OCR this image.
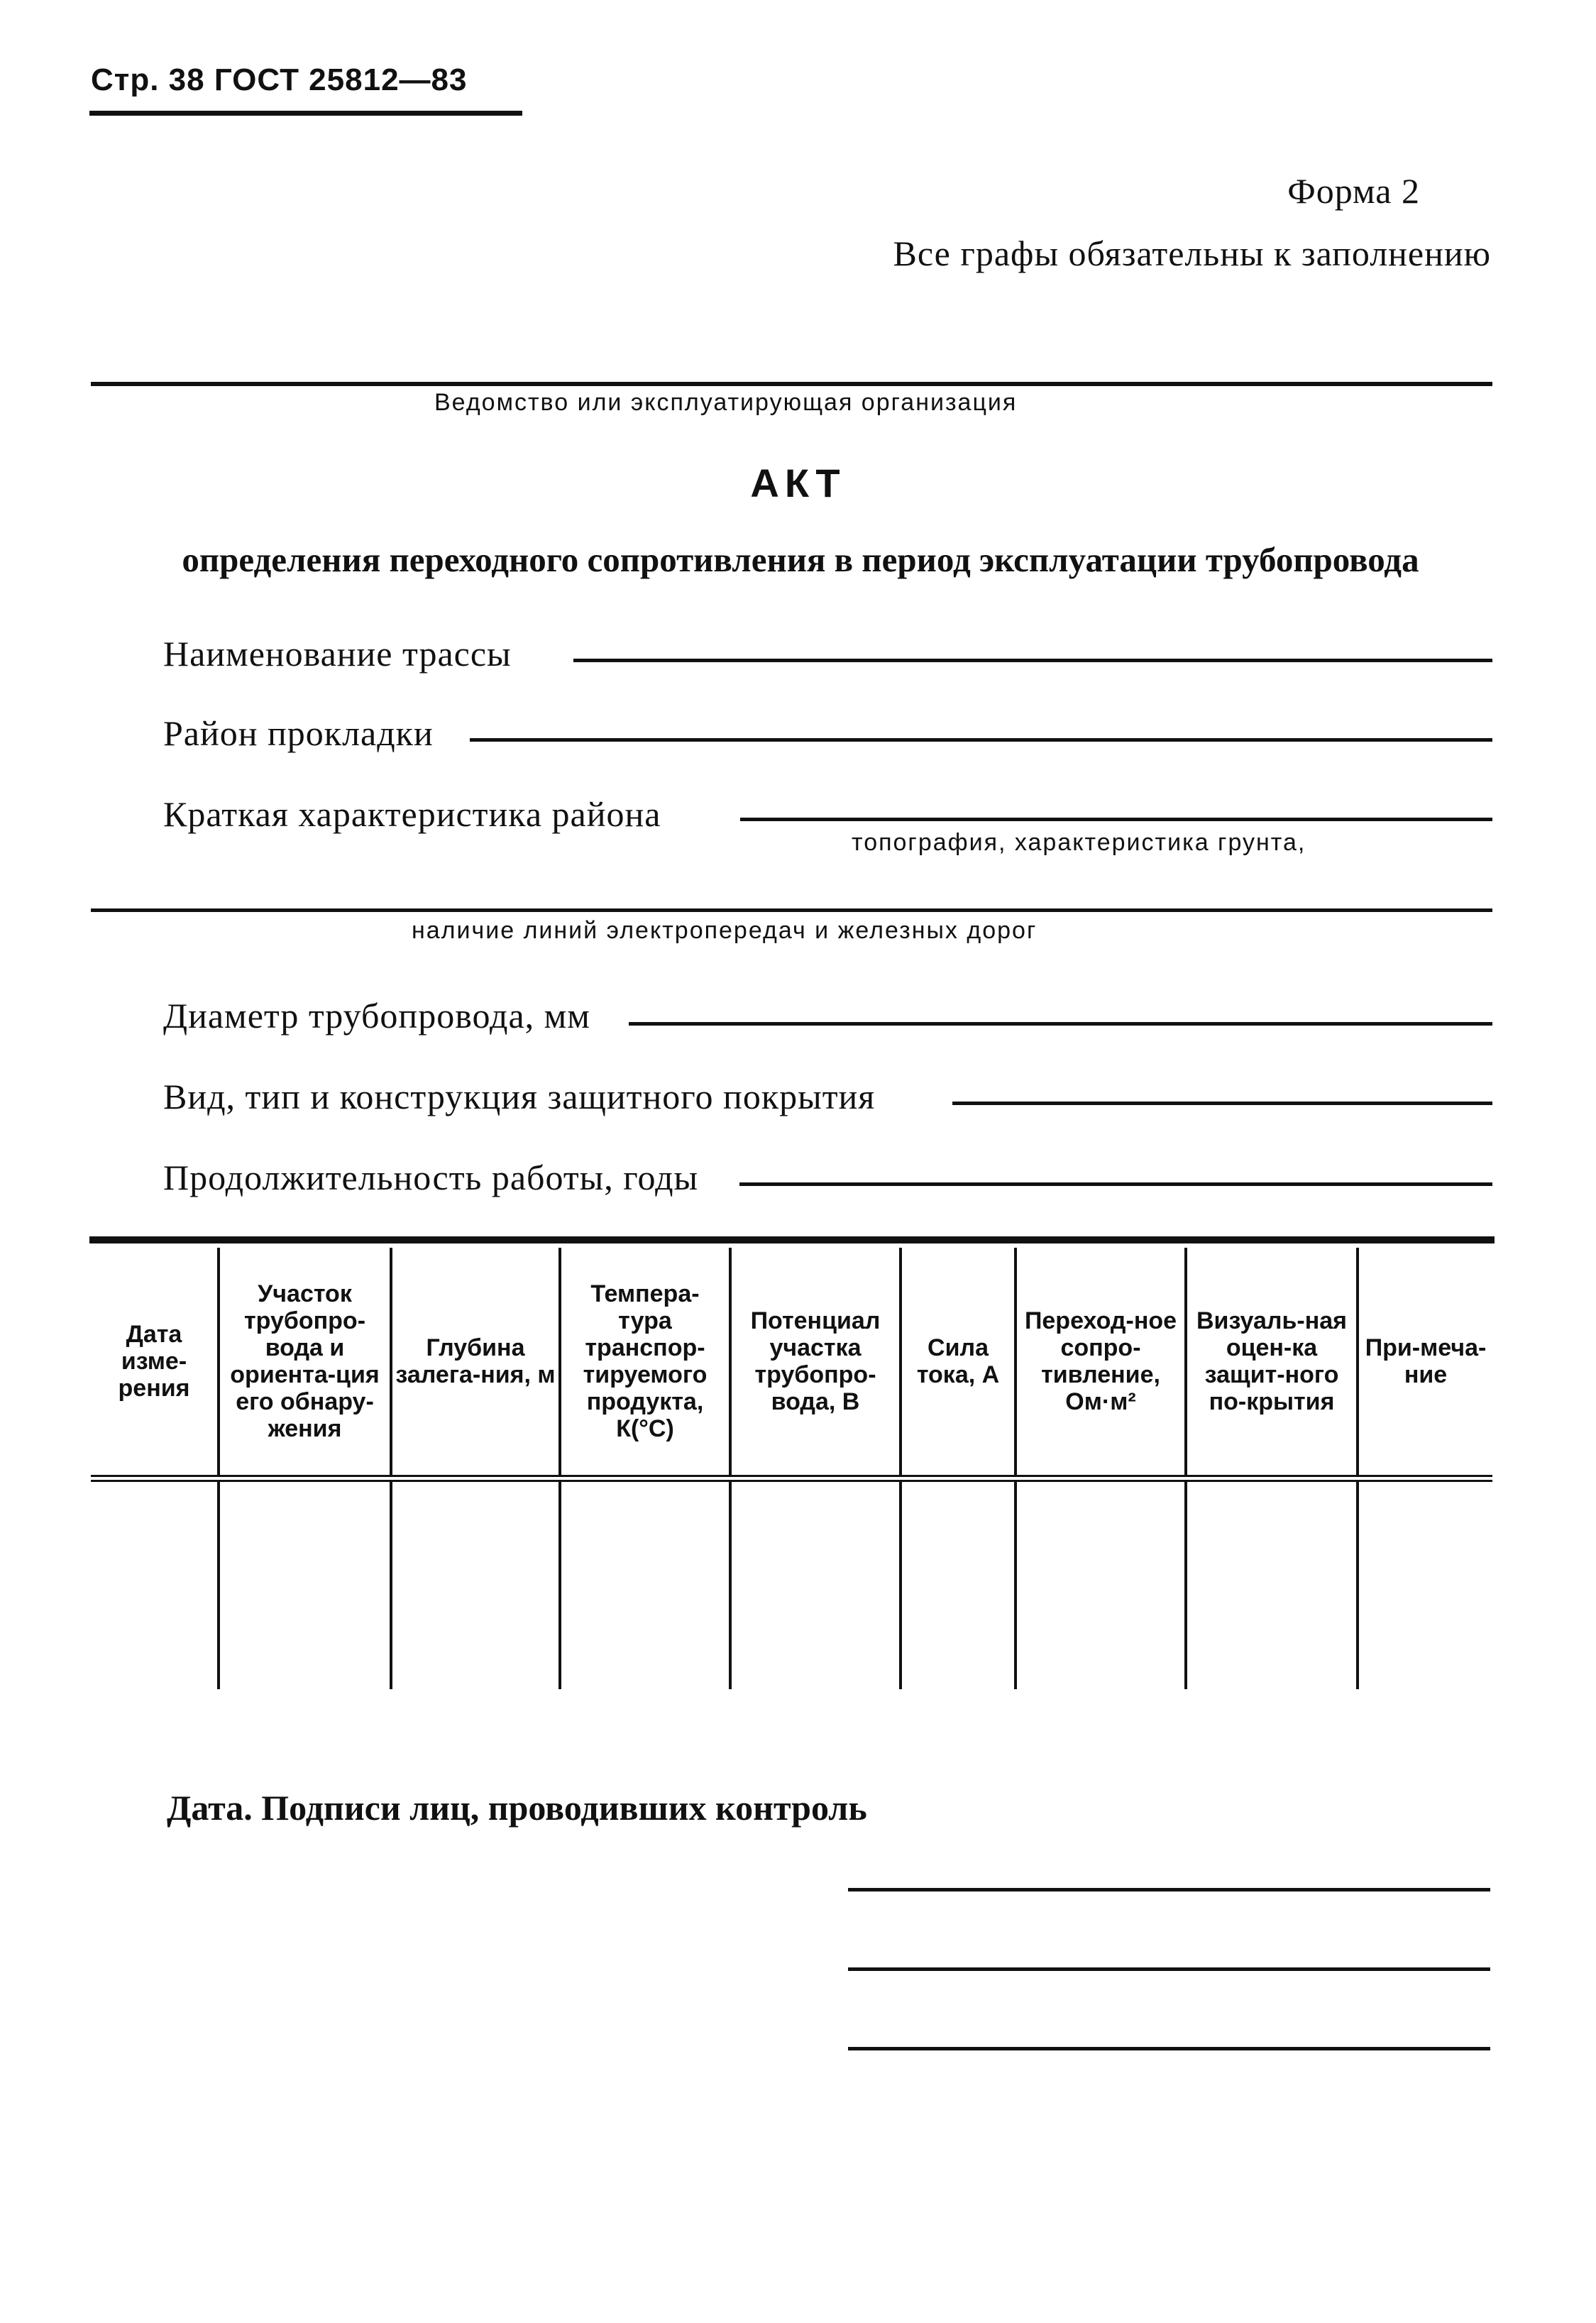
Стр. 38 ГОСТ 25812—83
Форма 2
Все графы обязательны к заполнению
Ведомство или эксплуатирующая организация
АКТ
определения переходного сопротивления в период эксплуатации трубопровода
Наименование трассы
Район прокладки
Краткая характеристика района
топография, характеристика грунта,
наличие линий электропередач и железных дорог
Диаметр трубопровода, мм
Вид, тип и конструкция защитного покрытия
Продолжительность работы, годы
Дата изме-рения	Участок трубопро-вода и ориента-ция его обнару-жения	Глубина залега-ния, м	Темпера-тура транспор-тируемого продукта, К(°С)	Потенциал участка трубопро-вода, В	Сила тока, А	Переход-ное сопро-тивление, Ом·м²	Визуаль-ная оцен-ка защит-ного по-крытия	При-меча-ние

Дата. Подписи лиц, проводивших контроль
